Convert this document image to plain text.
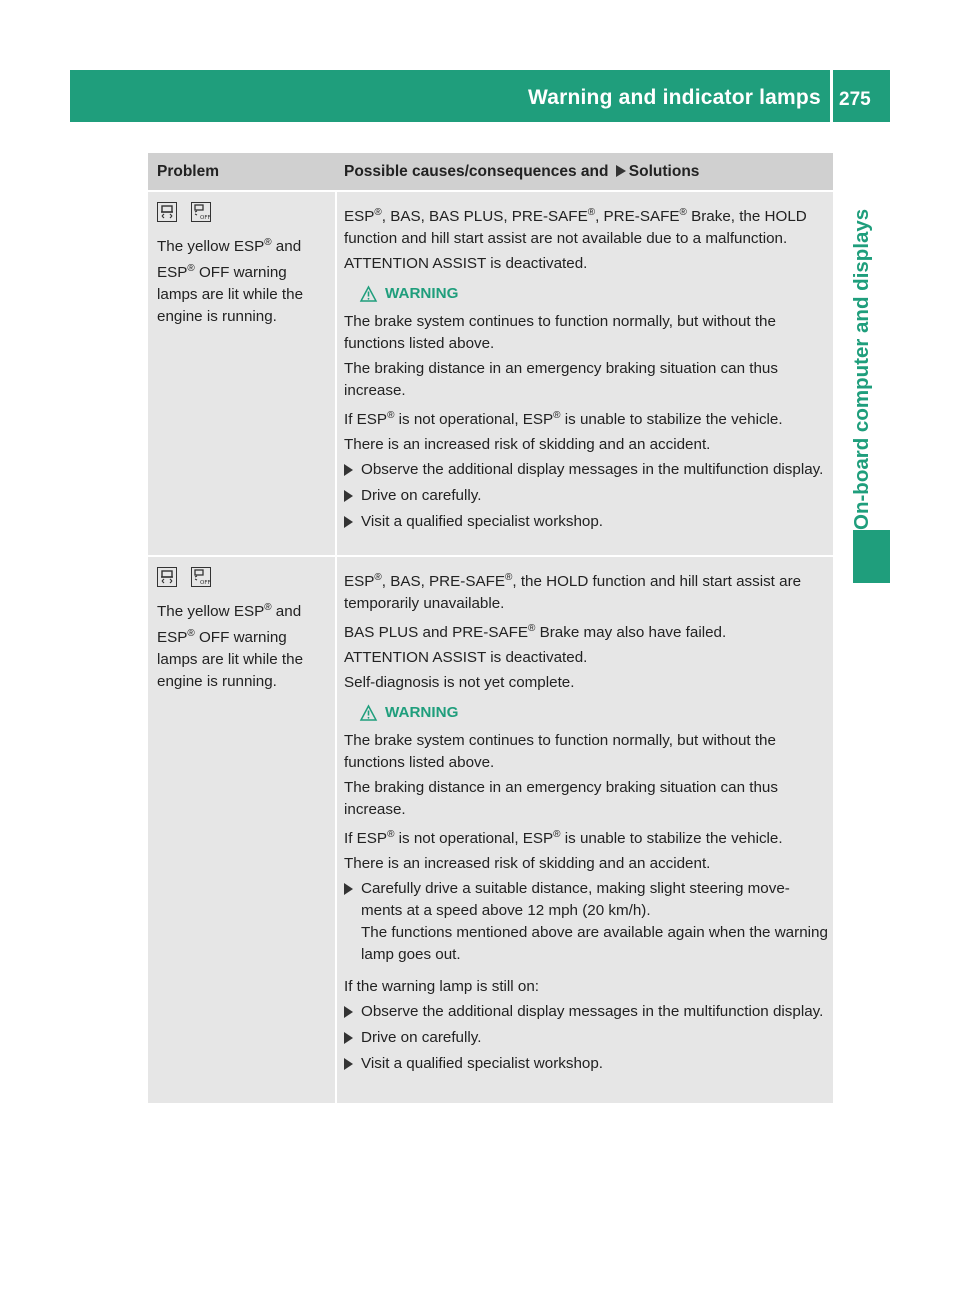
Warning and indicator lamps 275
On-board computer and displays
Problem	Possible causes/consequences and Solutions

OFF
The yellow ESP® and
ESP® OFF warning lamps are lit while the engine is running.

ESP®, BAS, BAS PLUS, PRE-SAFE®, PRE-SAFE® Brake, the HOLD function and hill start assist are not available due to a malfunction.

ATTENTION ASSIST is deactivated.

WARNING

The brake system continues to function normally, but without the functions listed above.

The braking distance in an emergency braking situation can thus increase.

If ESP® is not operational, ESP® is unable to stabilize the vehicle.

There is an increased risk of skidding and an accident.

Observe the additional display messages in the multifunction display.
Drive on carefully.
Visit a qualified specialist workshop.

OFF
The yellow ESP® and
ESP® OFF warning lamps are lit while the engine is running.

ESP®, BAS, PRE-SAFE®, the HOLD function and hill start assist are temporarily unavailable.

BAS PLUS and PRE-SAFE® Brake may also have failed.

ATTENTION ASSIST is deactivated.

Self-diagnosis is not yet complete.

WARNING

The brake system continues to function normally, but without the functions listed above.

The braking distance in an emergency braking situation can thus increase.

If ESP® is not operational, ESP® is unable to stabilize the vehicle.

There is an increased risk of skidding and an accident.

Carefully drive a suitable distance, making slight steering move-ments at a speed above 12 mph (20 km/h).
The functions mentioned above are available again when the warning lamp goes out.

If the warning lamp is still on:

Observe the additional display messages in the multifunction display.
Drive on carefully.
Visit a qualified specialist workshop.
